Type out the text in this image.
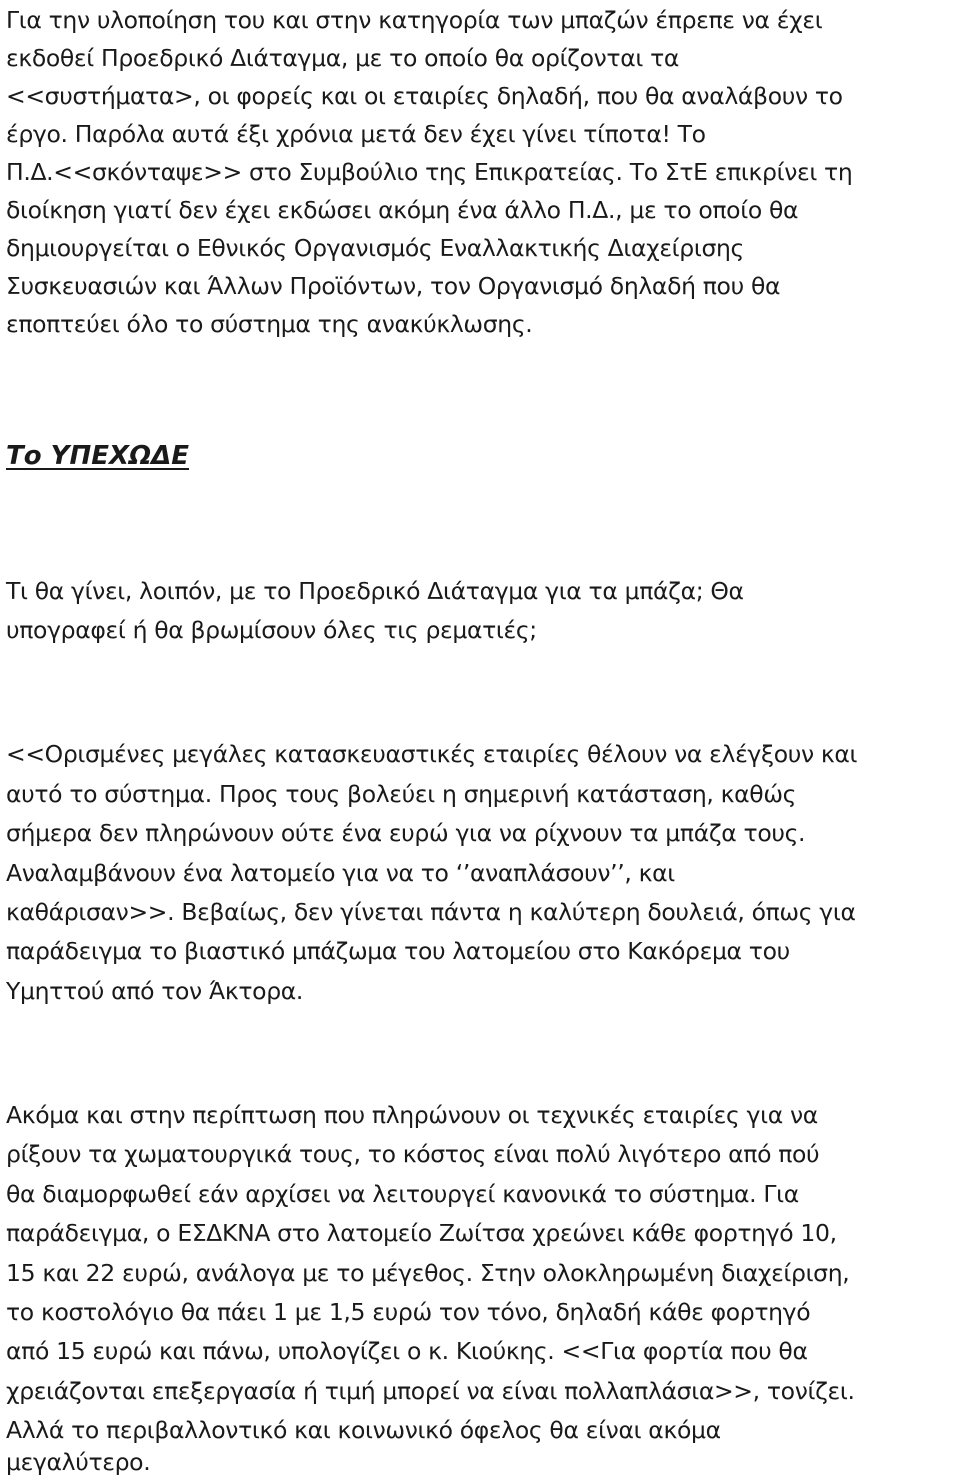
Για την υλοποίηση του και στην κατηγορία των μπαζών έπρεπε να έχει
εκδοθεί Προεδρικό Διάταγμα, με το οποίο θα ορίζονται τα
<<συστήματα>, οι φορείς και οι εταιρίες δηλαδή, που θα αναλάβουν το
έργο. Παρόλα αυτά έξι χρόνια μετά δεν έχει γίνει τίποτα! Το
Π.Δ.<<σκόνταψε>> στο Συμβούλιο της Επικρατείας. Το ΣτΕ επικρίνει τη
διοίκηση γιατί δεν έχει εκδώσει ακόμη ένα άλλο Π.Δ., με το οποίο θα
δημιουργείται ο Εθνικός Οργανισμός Εναλλακτικής Διαχείρισης
Συσκευασιών και Άλλων Προϊόντων, τον Οργανισμό δηλαδή που θα
εποπτεύει όλο το σύστημα της ανακύκλωσης.
Το ΥΠΕΧΩΔΕ
Τι θα γίνει, λοιπόν, με το Προεδρικό Διάταγμα για τα μπάζα; Θα
υπογραφεί ή θα βρωμίσουν όλες τις ρεματιές;
<<Ορισμένες μεγάλες κατασκευαστικές εταιρίες θέλουν να ελέγξουν και
αυτό το σύστημα. Προς τους βολεύει η σημερινή κατάσταση, καθώς
σήμερα δεν πληρώνουν ούτε ένα ευρώ για να ρίχνουν τα μπάζα τους.
Αναλαμβάνουν ένα λατομείο για να το ‘’αναπλάσουν’’, και
καθάρισαν>>. Βεβαίως, δεν γίνεται πάντα η καλύτερη δουλειά, όπως για
παράδειγμα το βιαστικό μπάζωμα του λατομείου στο Κακόρεμα του
Υμηττού από τον Άκτορα.
Ακόμα και στην περίπτωση που πληρώνουν οι τεχνικές εταιρίες για να
ρίξουν τα χωματουργικά τους, το κόστος είναι πολύ λιγότερο από πού
θα διαμορφωθεί εάν αρχίσει να λειτουργεί κανονικά το σύστημα. Για
παράδειγμα, ο ΕΣΔΚΝΑ στο λατομείο Ζωίτσα χρεώνει κάθε φορτηγό 10,
15 και 22 ευρώ, ανάλογα με το μέγεθος. Στην ολοκληρωμένη διαχείριση,
το κοστολόγιο θα πάει 1 με 1,5 ευρώ τον τόνο, δηλαδή κάθε φορτηγό
από 15 ευρώ και πάνω, υπολογίζει ο κ. Κιούκης. <<Για φορτία που θα
χρειάζονται επεξεργασία ή τιμή μπορεί να είναι πολλαπλάσια>>, τονίζει.
Αλλά το περιβαλλοντικό και κοινωνικό όφελος θα είναι ακόμα
μεγαλύτερο.
